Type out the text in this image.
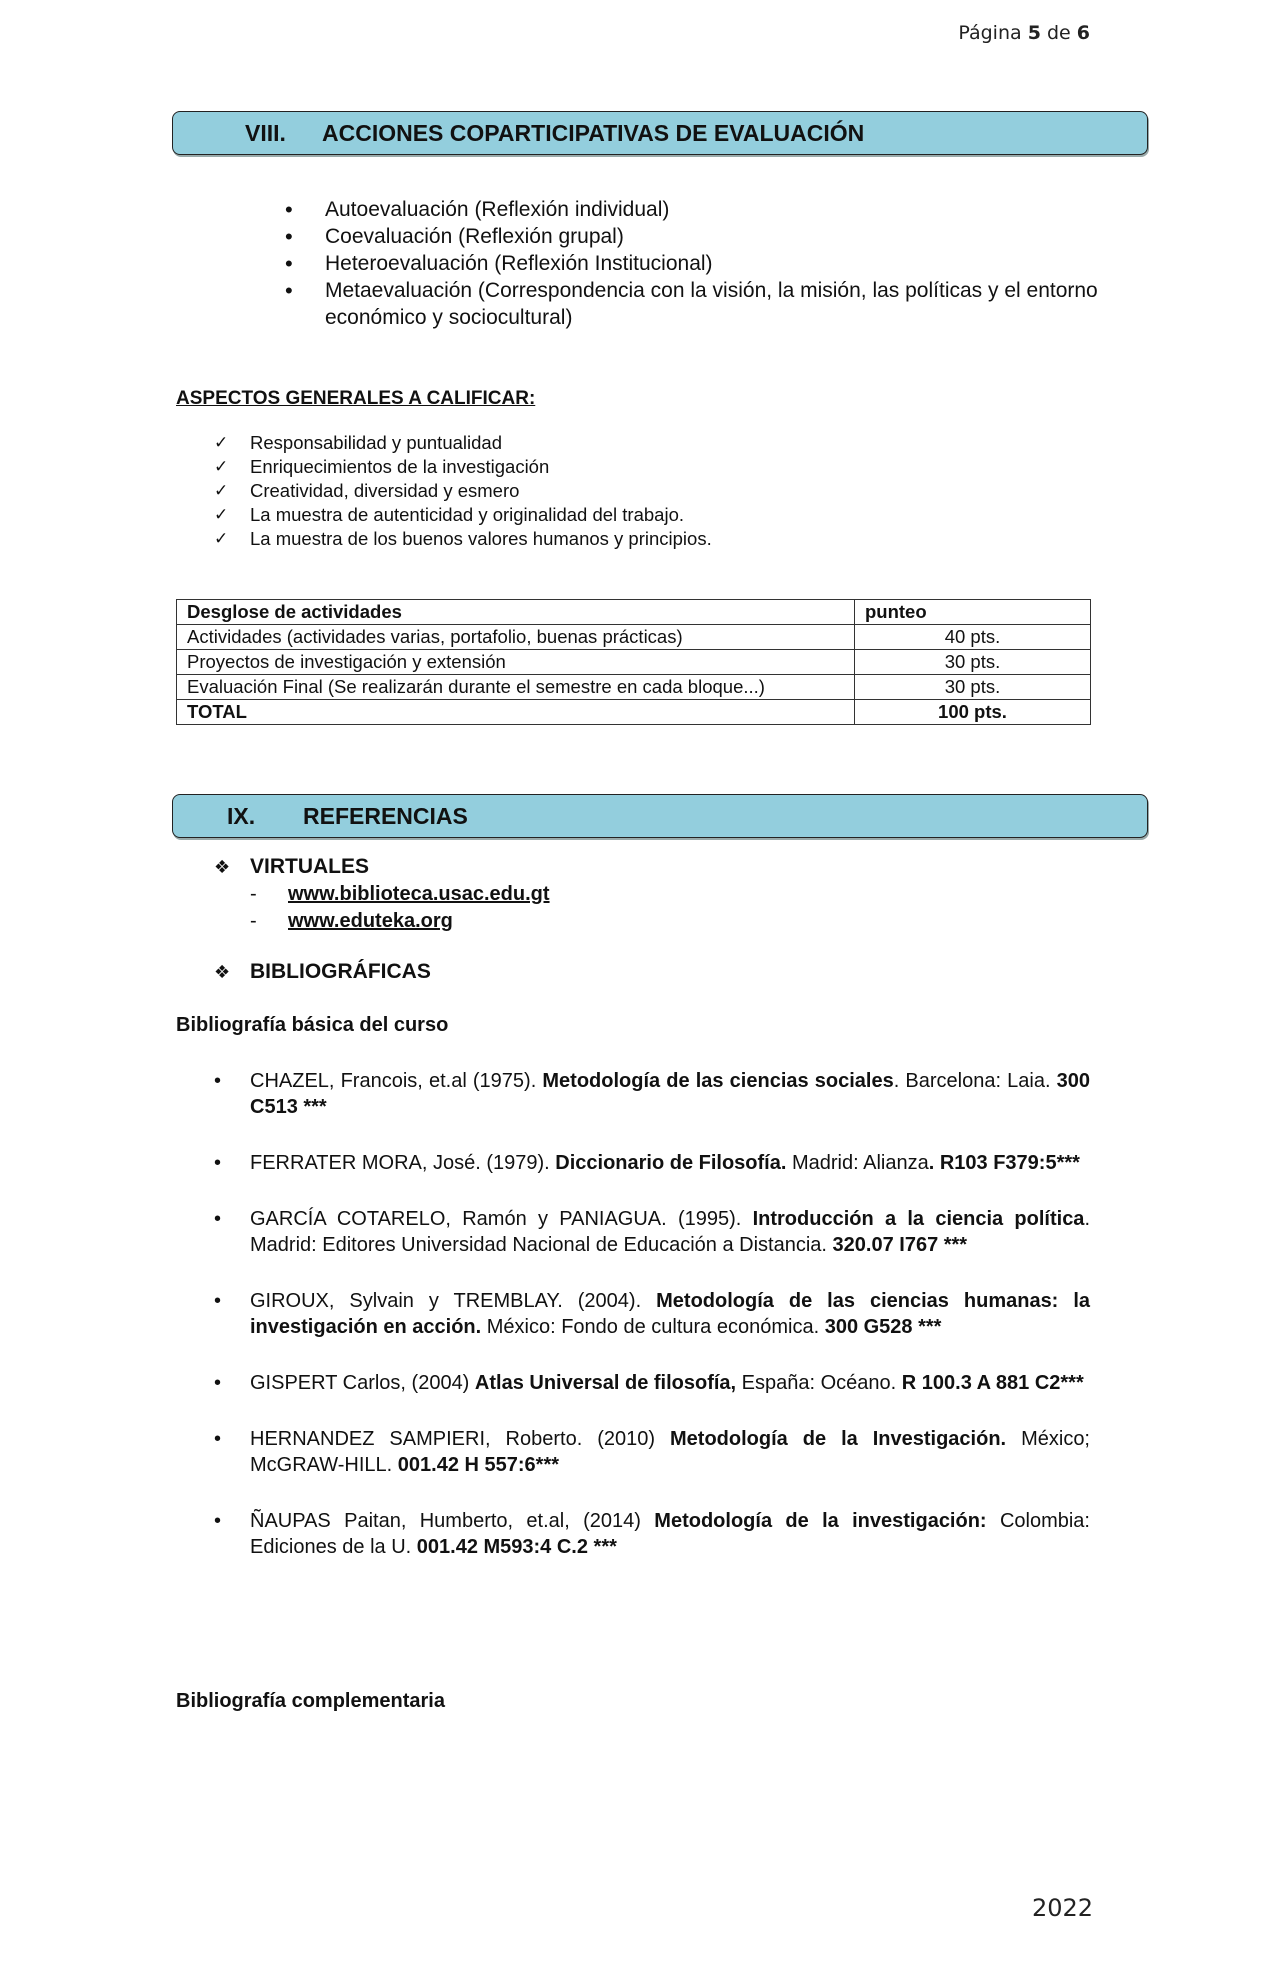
Página 5 de 6
VIII.	ACCIONES COPARTICIPATIVAS DE EVALUACIÓN
• Autoevaluación (Reflexión individual)
• Coevaluación (Reflexión grupal)
• Heteroevaluación (Reflexión Institucional)
• Metaevaluación (Correspondencia con la visión, la misión, las políticas y el entorno económico y sociocultural)
ASPECTOS GENERALES A CALIFICAR:
✓ Responsabilidad y puntualidad
✓ Enriquecimientos de la investigación
✓ Creatividad, diversidad y esmero
✓ La muestra de autenticidad y originalidad del trabajo.
✓ La muestra de los buenos valores humanos y principios.
Desglose de actividades	punteo
Actividades (actividades varias, portafolio, buenas prácticas)	40 pts.
Proyectos de investigación y extensión	30 pts.
Evaluación Final (Se realizarán durante el semestre en cada bloque...)	30 pts.
TOTAL	100 pts.
IX.	REFERENCIAS
❖ VIRTUALES
- www.biblioteca.usac.edu.gt
- www.eduteka.org
❖ BIBLIOGRÁFICAS
Bibliografía básica del curso
• CHAZEL, Francois, et.al (1975). Metodología de las ciencias sociales. Barcelona: Laia. 300 C513 ***
• FERRATER MORA, José. (1979). Diccionario de Filosofía. Madrid: Alianza. R103 F379:5***
• GARCÍA COTARELO, Ramón y PANIAGUA. (1995). Introducción a la ciencia política. Madrid: Editores Universidad Nacional de Educación a Distancia. 320.07 I767 ***
• GIROUX, Sylvain y TREMBLAY. (2004). Metodología de las ciencias humanas: la investigación en acción. México: Fondo de cultura económica. 300 G528 ***
• GISPERT Carlos, (2004) Atlas Universal de filosofía, España: Océano. R 100.3 A 881 C2***
• HERNANDEZ SAMPIERI, Roberto. (2010) Metodología de la Investigación. México; McGRAW-HILL. 001.42 H 557:6***
• ÑAUPAS Paitan, Humberto, et.al, (2014) Metodología de la investigación: Colombia: Ediciones de la U. 001.42 M593:4 C.2 ***
Bibliografía complementaria
2022
